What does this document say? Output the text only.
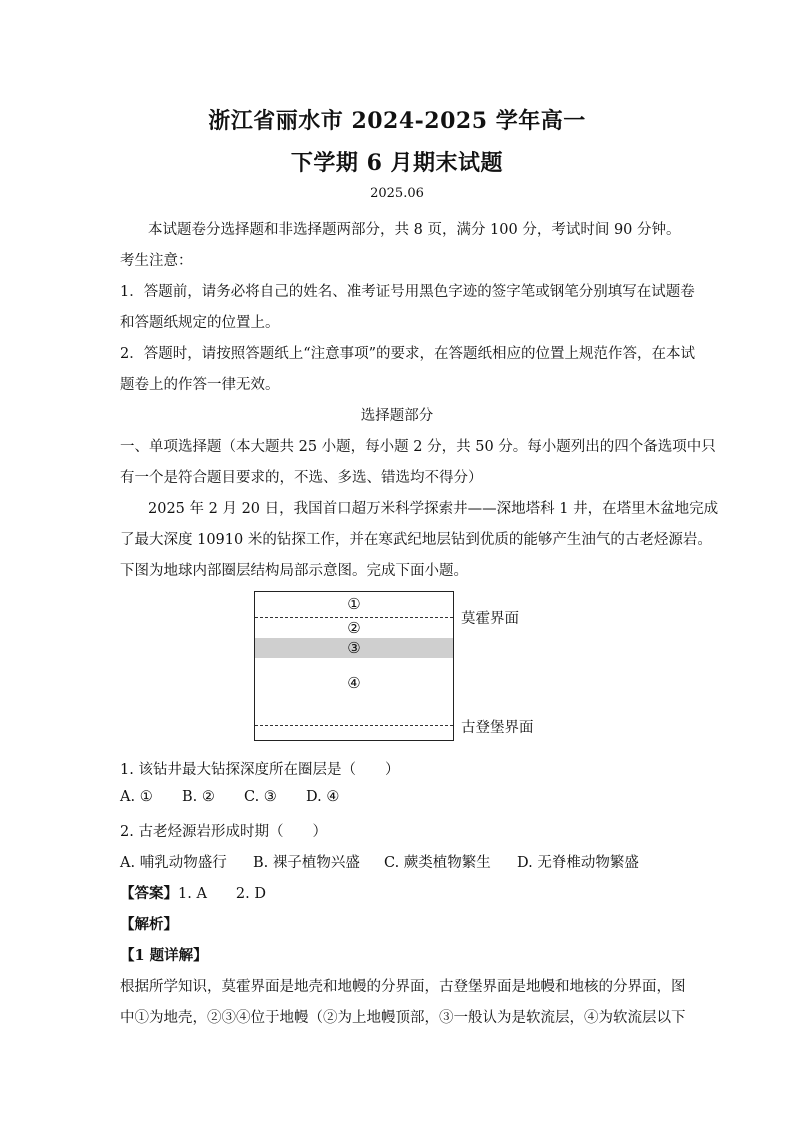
浙江省丽水市 2024-2025 学年高一
下学期 6 月期末试题
2025.06
本试题卷分选择题和非选择题两部分，共 8 页，满分 100 分，考试时间 90 分钟。
考生注意：
1．答题前，请务必将自己的姓名、准考证号用黑色字迹的签字笔或钢笔分别填写在试题卷
和答题纸规定的位置上。
2．答题时，请按照答题纸上“注意事项”的要求，在答题纸相应的位置上规范作答，在本试
题卷上的作答一律无效。
选择题部分
一、单项选择题（本大题共 25 小题，每小题 2 分，共 50 分。每小题列出的四个备选项中只
有一个是符合题目要求的，不选、多选、错选均不得分）
2025 年 2 月 20 日，我国首口超万米科学探索井——深地塔科 1 井，在塔里木盆地完成
了最大深度 10910 米的钻探工作，并在寒武纪地层钻到优质的能够产生油气的古老烃源岩。
下图为地球内部圈层结构局部示意图。完成下面小题。
①
②
③
④
莫霍界面
古登堡界面
1. 该钻井最大钻探深度所在圈层是（　　）
A. ① B. ② C. ③ D. ④
2. 古老烃源岩形成时期（　　）
A. 哺乳动物盛行 B. 裸子植物兴盛 C. 蕨类植物繁生 D. 无脊椎动物繁盛
【答案】1. A　　2. D
【解析】
【1 题详解】
根据所学知识，莫霍界面是地壳和地幔的分界面，古登堡界面是地幔和地核的分界面，图
中①为地壳，②③④位于地幔（②为上地幔顶部，③一般认为是软流层，④为软流层以下
